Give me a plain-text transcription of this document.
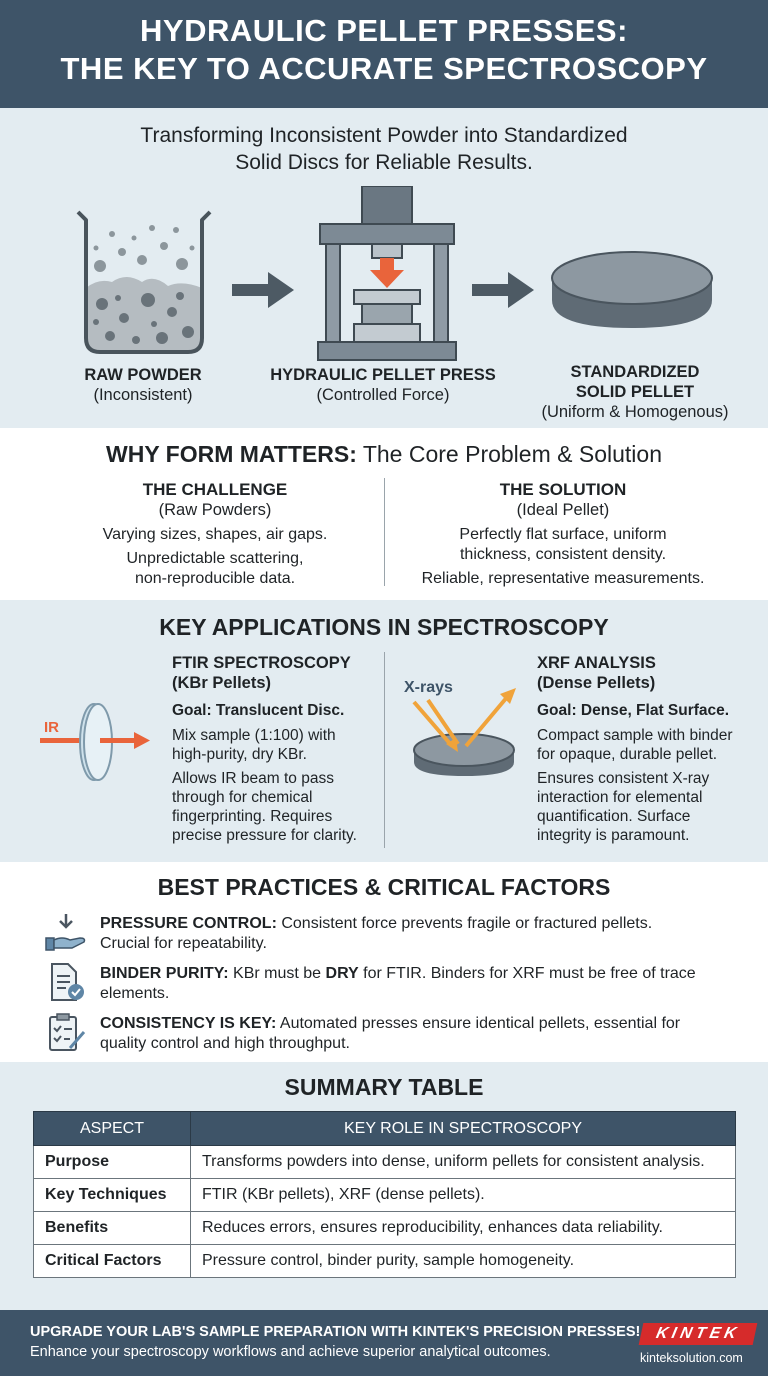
HYDRAULIC PELLET PRESSES:
THE KEY TO ACCURATE SPECTROSCOPY
Transforming Inconsistent Powder into Standardized
Solid Discs for Reliable Results.
RAW POWDER
(Inconsistent)
HYDRAULIC PELLET PRESS
(Controlled Force)
STANDARDIZED
SOLID PELLET
(Uniform & Homogenous)
WHY FORM MATTERS: The Core Problem & Solution
THE CHALLENGE
(Raw Powders)
Varying sizes, shapes, air gaps.
Unpredictable scattering,
non-reproducible data.
THE SOLUTION
(Ideal Pellet)
Perfectly flat surface, uniform
thickness, consistent density.
Reliable, representative measurements.
KEY APPLICATIONS IN SPECTROSCOPY
IR
FTIR SPECTROSCOPY
(KBr Pellets)
Goal: Translucent Disc.
Mix sample (1:100) with
high-purity, dry KBr.
Allows IR beam to pass
through for chemical
fingerprinting. Requires
precise pressure for clarity.
X-rays
XRF ANALYSIS
(Dense Pellets)
Goal: Dense, Flat Surface.
Compact sample with binder
for opaque, durable pellet.
Ensures consistent X-ray
interaction for elemental
quantification. Surface
integrity is paramount.
BEST PRACTICES & CRITICAL FACTORS
PRESSURE CONTROL: Consistent force prevents fragile or fractured pellets.
Crucial for repeatability.
BINDER PURITY: KBr must be DRY for FTIR. Binders for XRF must be free of trace
elements.
CONSISTENCY IS KEY: Automated presses ensure identical pellets, essential for
quality control and high throughput.
SUMMARY TABLE
ASPECT	KEY ROLE IN SPECTROSCOPY
Purpose	Transforms powders into dense, uniform pellets for consistent analysis.
Key Techniques	FTIR (KBr pellets), XRF (dense pellets).
Benefits	Reduces errors, ensures reproducibility, enhances data reliability.
Critical Factors	Pressure control, binder purity, sample homogeneity.
UPGRADE YOUR LAB'S SAMPLE PREPARATION WITH KINTEK'S PRECISION PRESSES!
Enhance your spectroscopy workflows and achieve superior analytical outcomes.
KINTEK
kinteksolution.com
